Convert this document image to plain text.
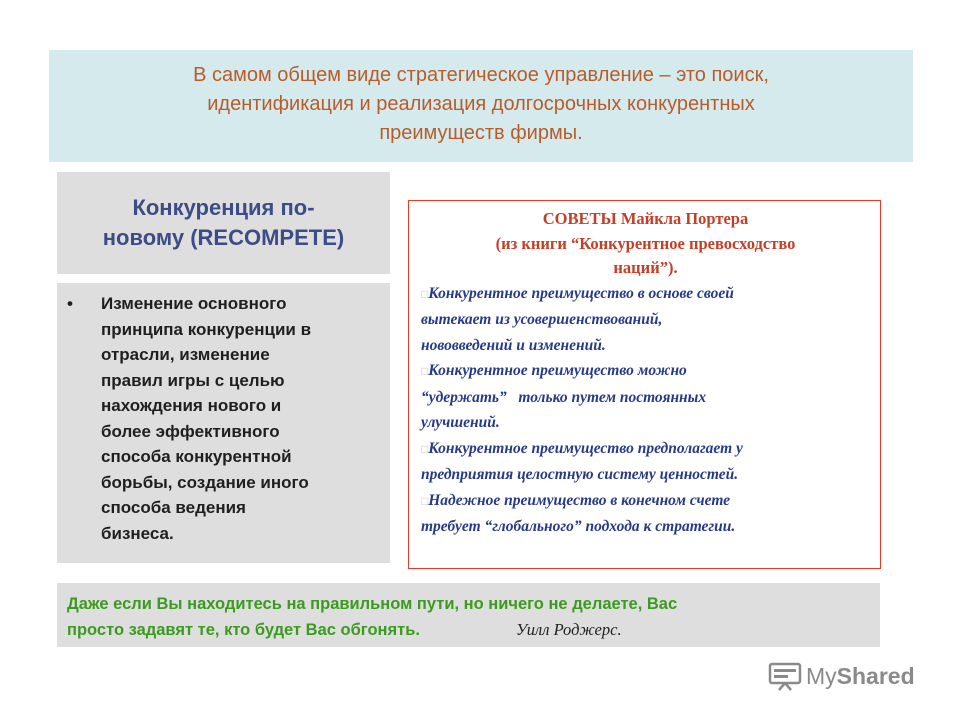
В самом общем виде стратегическое управление – это поиск,
идентификация и реализация долгосрочных конкурентных
преимуществ фирмы.
Конкуренция по-
новому (RECOMPETE)
•	Изменение основного
принципа конкуренции в
отрасли, изменение
правил игры с целью
нахождения нового и
более эффективного
способа конкурентной
борьбы, создание иного
способа ведения
бизнеса.
СОВЕТЫ Майкла Портера
(из книги “Конкурентное превосходство
наций”).
□Конкурентное преимущество в основе своей
вытекает из усовершенствований,
нововведений и изменений.
□Конкурентное преимущество можно
“удержать”   только путем постоянных
улучшений.
□Конкурентное преимущество предполагает у
предприятия целостную систему ценностей.
□Надежное преимущество в конечном счете
требует “глобального” подхода к стратегии.
Даже если Вы находитесь на правильном пути, но ничего не делаете, Вас
просто задавят те, кто будет Вас обгонять.	Уилл Роджерс.
MyShared
